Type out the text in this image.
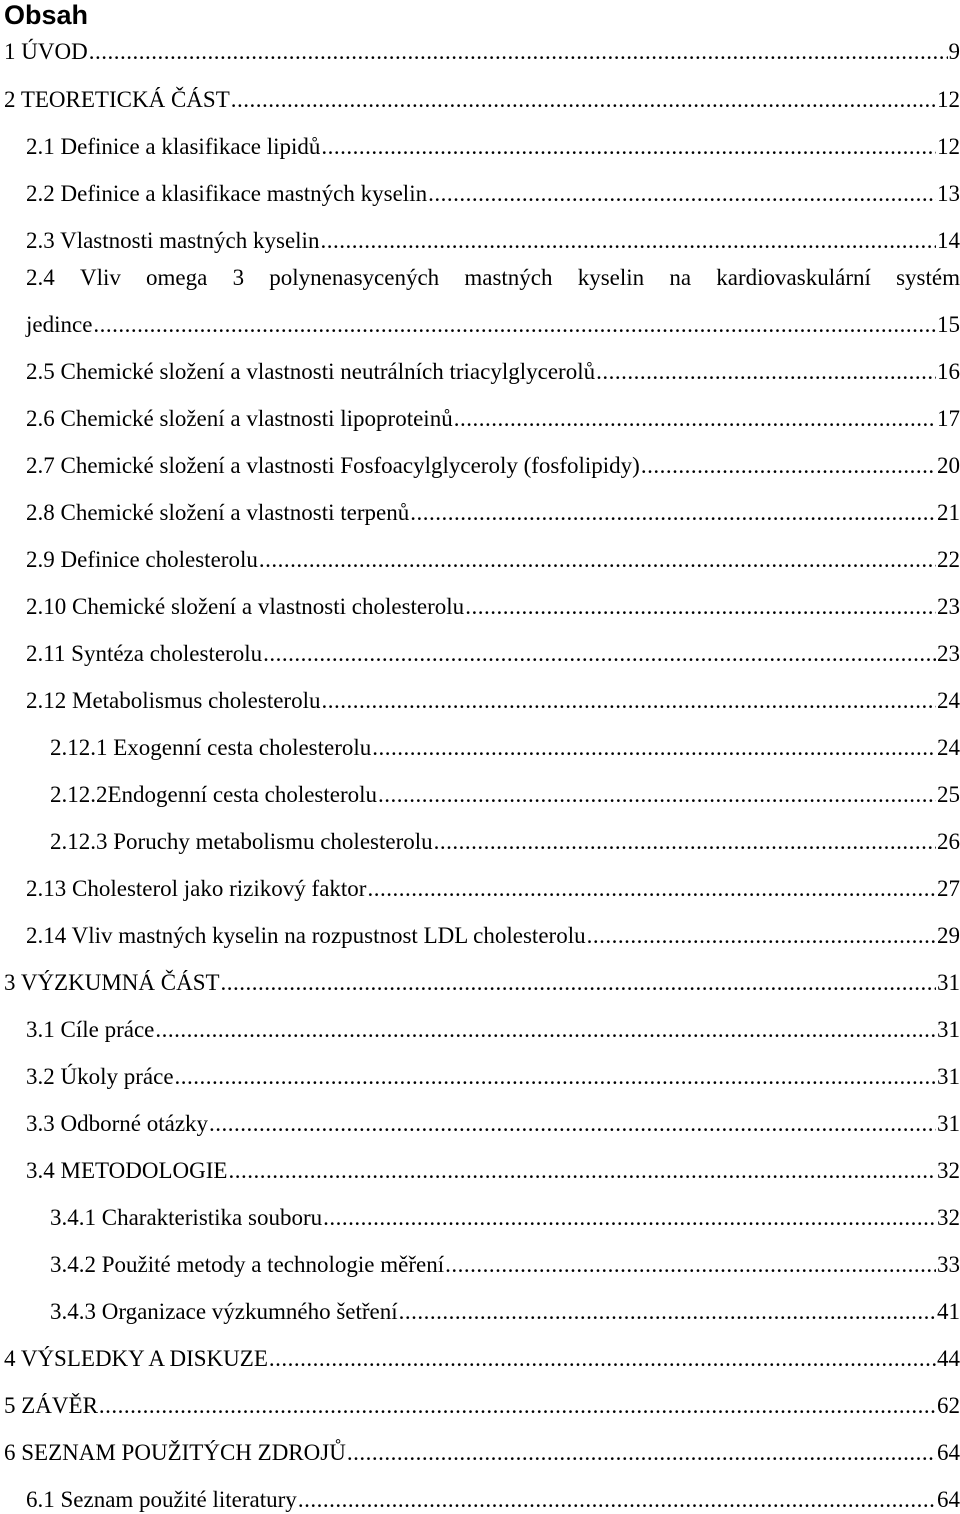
Obsah
1 ÚVOD .....	9
2 TEORETICKÁ ČÁST .....	12
2.1 Definice a klasifikace lipidů .....	12
2.2 Definice a klasifikace mastných kyselin .....	13
2.3 Vlastnosti mastných kyselin .....	14
2.4 Vliv omega 3 polynenasycených mastných kyselin na kardiovaskulární systém
jedince .....	15
2.5 Chemické složení a vlastnosti neutrálních triacylglycerolů .....	16
2.6 Chemické složení a vlastnosti lipoproteinů .....	17
2.7 Chemické složení a vlastnosti Fosfoacylglyceroly (fosfolipidy) .....	20
2.8 Chemické složení a vlastnosti terpenů .....	21
2.9 Definice cholesterolu .....	22
2.10 Chemické složení a vlastnosti cholesterolu .....	23
2.11 Syntéza cholesterolu .....	23
2.12 Metabolismus cholesterolu .....	24
2.12.1 Exogenní cesta cholesterolu .....	24
2.12.2Endogenní cesta cholesterolu .....	25
2.12.3 Poruchy metabolismu cholesterolu .....	26
2.13 Cholesterol jako rizikový faktor .....	27
2.14 Vliv mastných kyselin na rozpustnost LDL cholesterolu .....	29
3 VÝZKUMNÁ ČÁST .....	31
3.1 Cíle práce .....	31
3.2 Úkoly práce .....	31
3.3 Odborné otázky .....	31
3.4 METODOLOGIE .....	32
3.4.1 Charakteristika souboru .....	32
3.4.2 Použité metody a technologie měření .....	33
3.4.3 Organizace výzkumného šetření .....	41
4 VÝSLEDKY A DISKUZE .....	44
5 ZÁVĚR .....	62
6 SEZNAM POUŽITÝCH ZDROJŮ .....	64
6.1 Seznam použité literatury .....	64
